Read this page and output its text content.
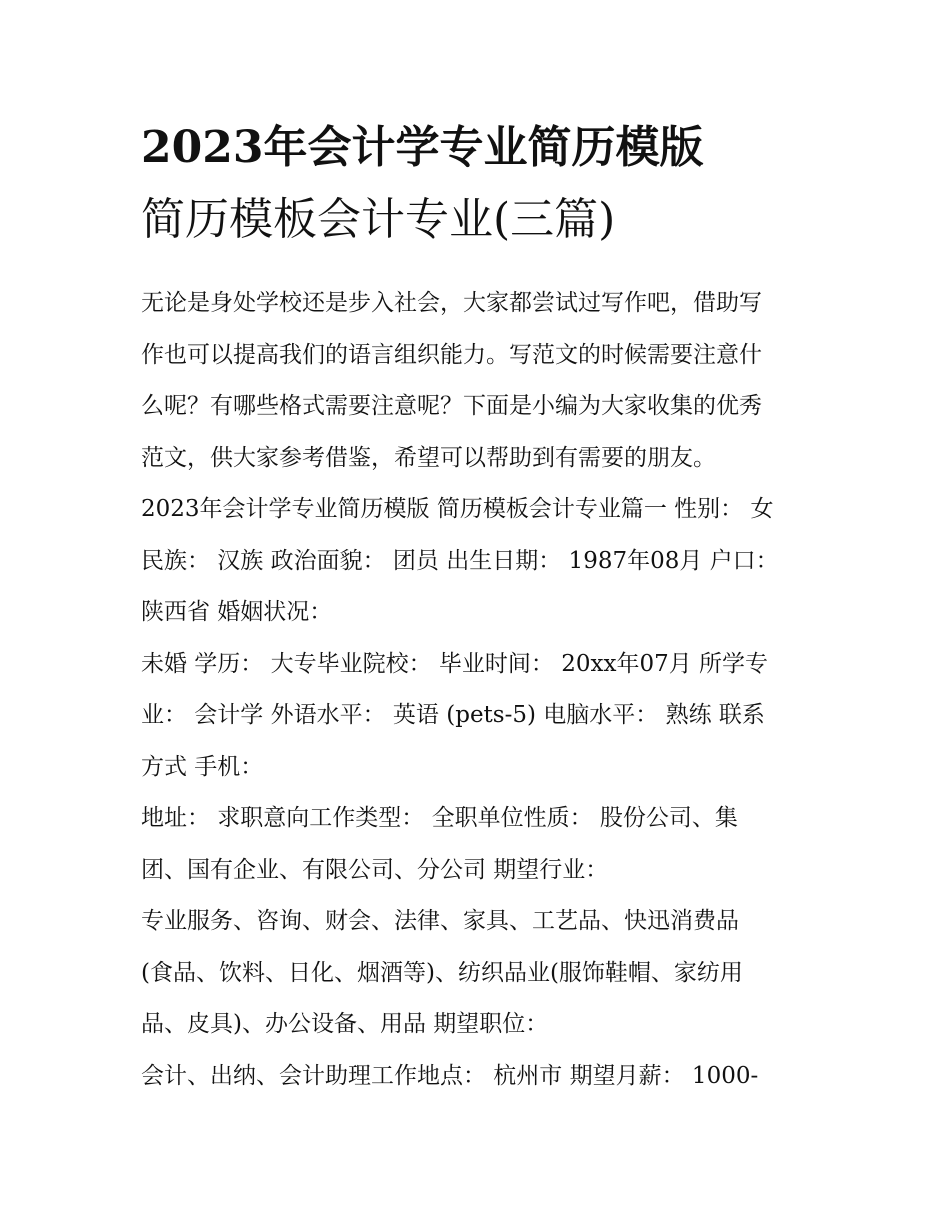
2023年会计学专业简历模版
简历模板会计专业(三篇)

无论是身处学校还是步入社会，大家都尝试过写作吧，借助写
作也可以提高我们的语言组织能力。写范文的时候需要注意什
么呢？有哪些格式需要注意呢？下面是小编为大家收集的优秀
范文，供大家参考借鉴，希望可以帮助到有需要的朋友。

2023年会计学专业简历模版 简历模板会计专业篇一 性别： 女
民族： 汉族 政治面貌： 团员 出生日期： 1987年08月 户口：
陕西省 婚姻状况：
未婚 学历： 大专毕业院校： 毕业时间： 20xx年07月 所学专
业： 会计学 外语水平： 英语 (pets-5) 电脑水平： 熟练 联系
方式 手机：
地址： 求职意向工作类型： 全职单位性质： 股份公司、集
团、国有企业、有限公司、分公司 期望行业：
专业服务、咨询、财会、法律、家具、工艺品、快迅消费品
(食品、饮料、日化、烟酒等)、纺织品业(服饰鞋帽、家纺用
品、皮具)、办公设备、用品 期望职位：
会计、出纳、会计助理工作地点： 杭州市 期望月薪： 1000-
